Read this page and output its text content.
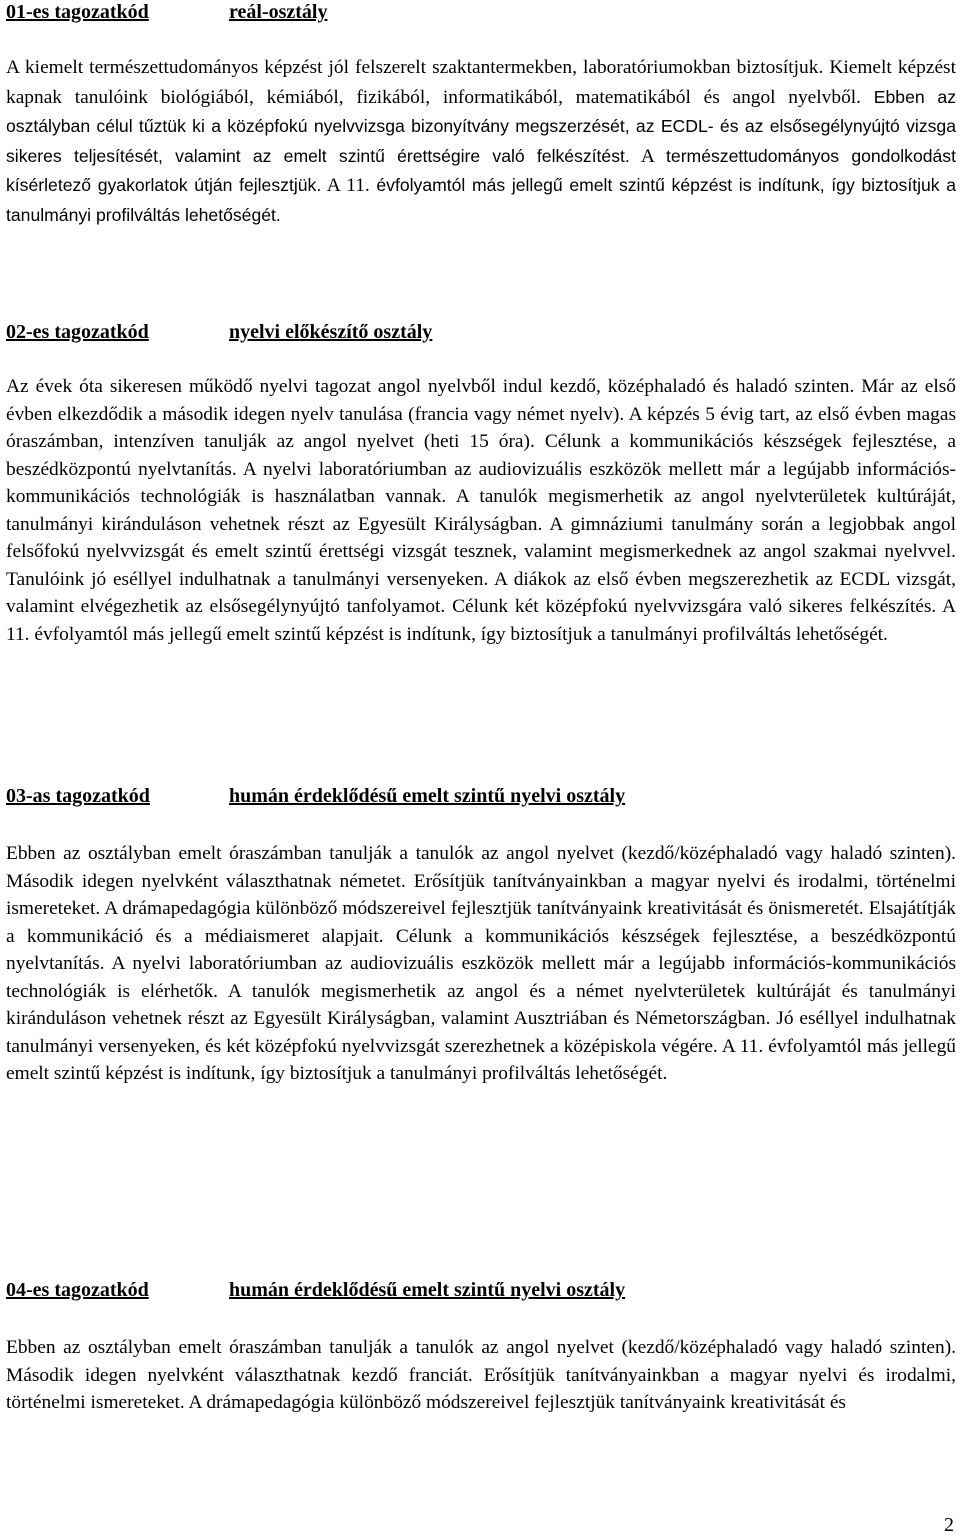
01-es tagozatkód	reál-osztály

A kiemelt természettudományos képzést jól felszerelt szaktantermekben, laboratóriumokban biztosítjuk. Kiemelt képzést kapnak tanulóink biológiából, kémiából, fizikából, informatikából, matematikából és angol nyelvből. Ebben az osztályban célul tűztük ki a középfokú nyelvvizsga bizonyítvány megszerzését, az ECDL- és az elsősegélynyújtó vizsga sikeres teljesítését, valamint az emelt szintű érettségire való felkészítést. A természettudományos gondolkodást kísérletező gyakorlatok útján fejlesztjük. A 11. évfolyamtól más jellegű emelt szintű képzést is indítunk, így biztosítjuk a tanulmányi profilváltás lehetőségét.

02-es tagozatkód	nyelvi előkészítő osztály

Az évek óta sikeresen működő nyelvi tagozat angol nyelvből indul kezdő, középhaladó és haladó szinten. Már az első évben elkezdődik a második idegen nyelv tanulása (francia vagy német nyelv). A képzés 5 évig tart, az első évben magas óraszámban, intenzíven tanulják az angol nyelvet (heti 15 óra). Célunk a kommunikációs készségek fejlesztése, a beszédközpontú nyelvtanítás. A nyelvi laboratóriumban az audiovizuális eszközök mellett már a legújabb információs-kommunikációs technológiák is használatban vannak. A tanulók megismerhetik az angol nyelvterületek kultúráját, tanulmányi kiránduláson vehetnek részt az Egyesült Királyságban. A gimnáziumi tanulmány során a legjobbak angol felsőfokú nyelvvizsgát és emelt szintű érettségi vizsgát tesznek, valamint megismerkednek az angol szakmai nyelvvel. Tanulóink jó eséllyel indulhatnak a tanulmányi versenyeken. A diákok az első évben megszerezhetik az ECDL vizsgát, valamint elvégezhetik az elsősegélynyújtó tanfolyamot. Célunk két középfokú nyelvvizsgára való sikeres felkészítés. A 11. évfolyamtól más jellegű emelt szintű képzést is indítunk, így biztosítjuk a tanulmányi profilváltás lehetőségét.

03-as tagozatkód	humán érdeklődésű emelt szintű nyelvi osztály

Ebben az osztályban emelt óraszámban tanulják a tanulók az angol nyelvet (kezdő/középhaladó vagy haladó szinten). Második idegen nyelvként választhatnak németet. Erősítjük tanítványainkban a magyar nyelvi és irodalmi, történelmi ismereteket. A drámapedagógia különböző módszereivel fejlesztjük tanítványaink kreativitását és önismeretét. Elsajátítják a kommunikáció és a médiaismeret alapjait. Célunk a kommunikációs készségek fejlesztése, a beszédközpontú nyelvtanítás. A nyelvi laboratóriumban az audiovizuális eszközök mellett már a legújabb információs-kommunikációs technológiák is elérhetők. A tanulók megismerhetik az angol és a német nyelvterületek kultúráját és tanulmányi kiránduláson vehetnek részt az Egyesült Királyságban, valamint Ausztriában és Németországban. Jó eséllyel indulhatnak tanulmányi versenyeken, és két középfokú nyelvvizsgát szerezhetnek a középiskola végére. A 11. évfolyamtól más jellegű emelt szintű képzést is indítunk, így biztosítjuk a tanulmányi profilváltás lehetőségét.

04-es tagozatkód	humán érdeklődésű emelt szintű nyelvi osztály

Ebben az osztályban emelt óraszámban tanulják a tanulók az angol nyelvet (kezdő/középhaladó vagy haladó szinten). Második idegen nyelvként választhatnak kezdő franciát. Erősítjük tanítványainkban a magyar nyelvi és irodalmi, történelmi ismereteket. A drámapedagógia különböző módszereivel fejlesztjük tanítványaink kreativitását és

2
